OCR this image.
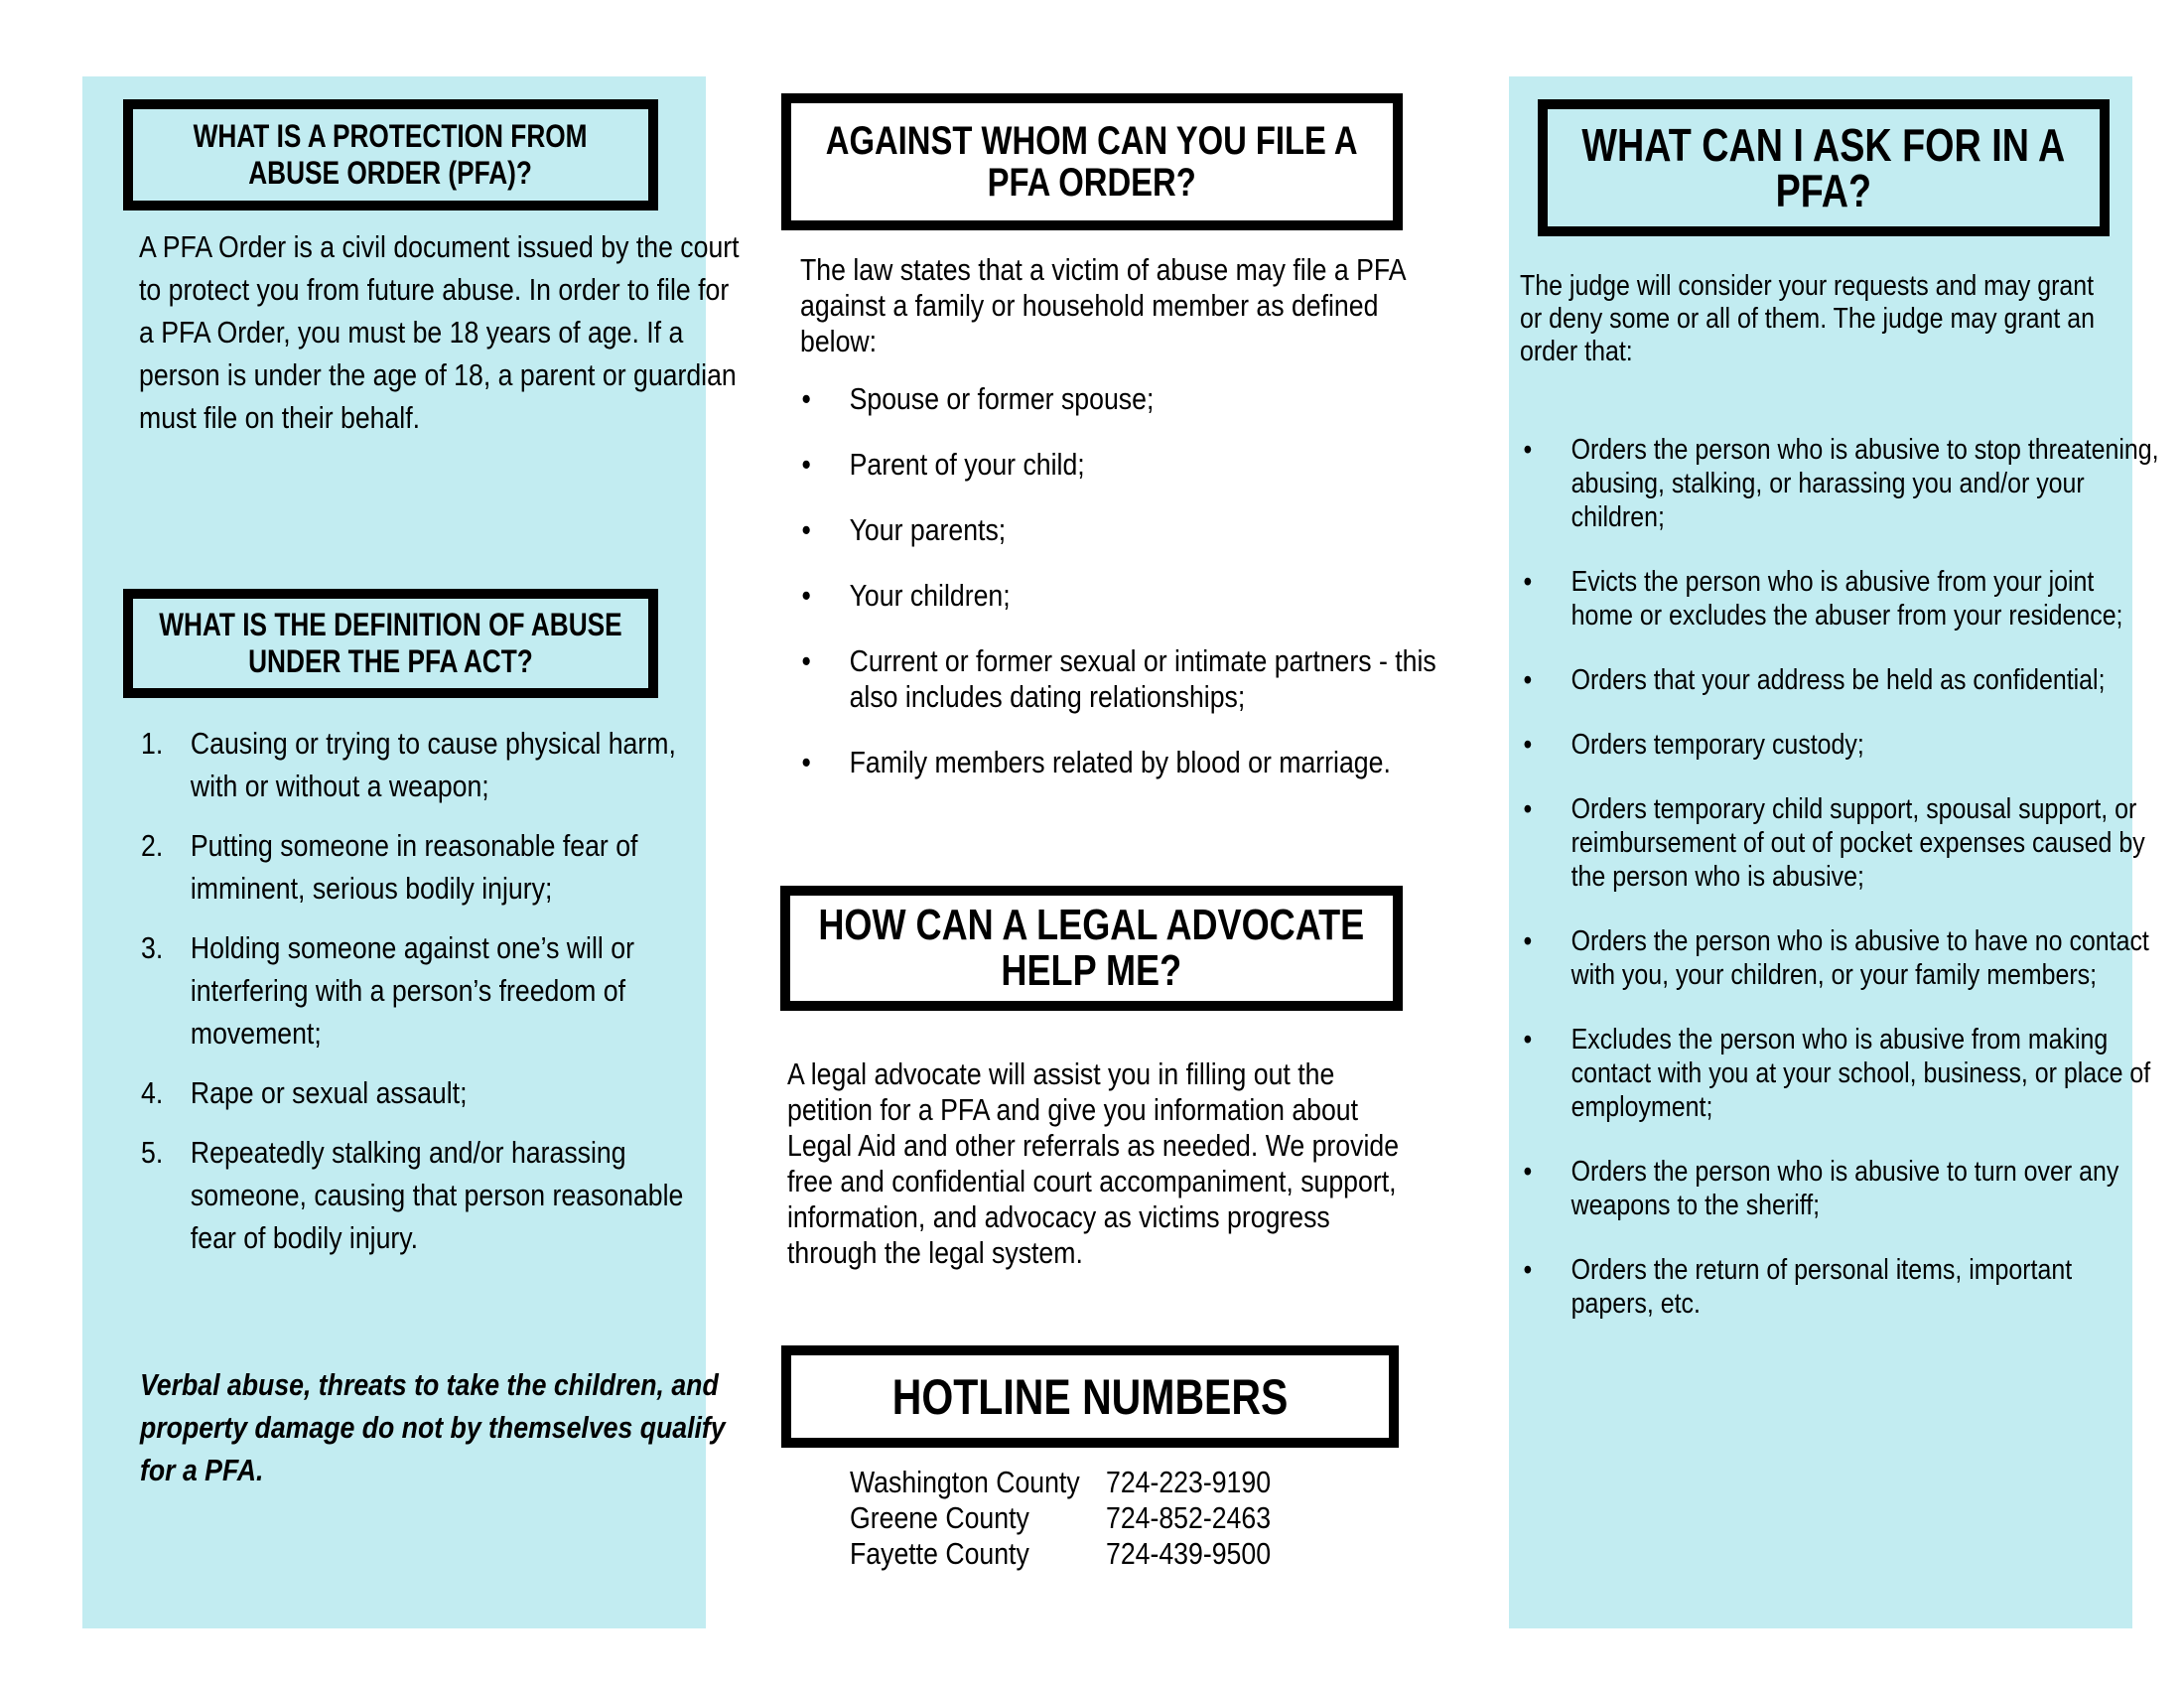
WHAT IS A PROTECTION FROM
ABUSE ORDER (PFA)?
A PFA Order is a civil document issued by the court to protect you from future abuse. In order to file for a PFA Order, you must be 18 years of age. If a person is under the age of 18, a parent or guardian must file on their behalf.
WHAT IS THE DEFINITION OF ABUSE
UNDER THE PFA ACT?
1. Causing or trying to cause physical harm, with or without a weapon;
2. Putting someone in reasonable fear of imminent, serious bodily injury;
3. Holding someone against one’s will or interfering with a person’s freedom of movement;
4. Rape or sexual assault;
5. Repeatedly stalking and/or harassing someone, causing that person reasonable fear of bodily injury.
Verbal abuse, threats to take the children, and property damage do not by themselves qualify for a PFA.
AGAINST WHOM CAN YOU FILE A
PFA ORDER?
The law states that a victim of abuse may file a PFA against a family or household member as defined below:
• Spouse or former spouse;
• Parent of your child;
• Your parents;
• Your children;
• Current or former sexual or intimate partners - this also includes dating relationships;
• Family members related by blood or marriage.
HOW CAN A LEGAL ADVOCATE
HELP ME?
A legal advocate will assist you in filling out the petition for a PFA and give you information about Legal Aid and other referrals as needed. We provide free and confidential court accompaniment, support, information, and advocacy as victims progress through the legal system.
HOTLINE NUMBERS
Washington County 724-223-9190
Greene County	724-852-2463
Fayette County	724-439-9500
WHAT CAN I ASK FOR IN A
PFA?
The judge will consider your requests and may grant or deny some or all of them. The judge may grant an order that:
• Orders the person who is abusive to stop threatening, abusing, stalking, or harassing you and/or your children;
• Evicts the person who is abusive from your joint home or excludes the abuser from your residence;
• Orders that your address be held as confidential;
• Orders temporary custody;
• Orders temporary child support, spousal support, or reimbursement of out of pocket expenses caused by the person who is abusive;
• Orders the person who is abusive to have no contact with you, your children, or your family members;
• Excludes the person who is abusive from making contact with you at your school, business, or place of employment;
• Orders the person who is abusive to turn over any weapons to the sheriff;
• Orders the return of personal items, important papers, etc.
